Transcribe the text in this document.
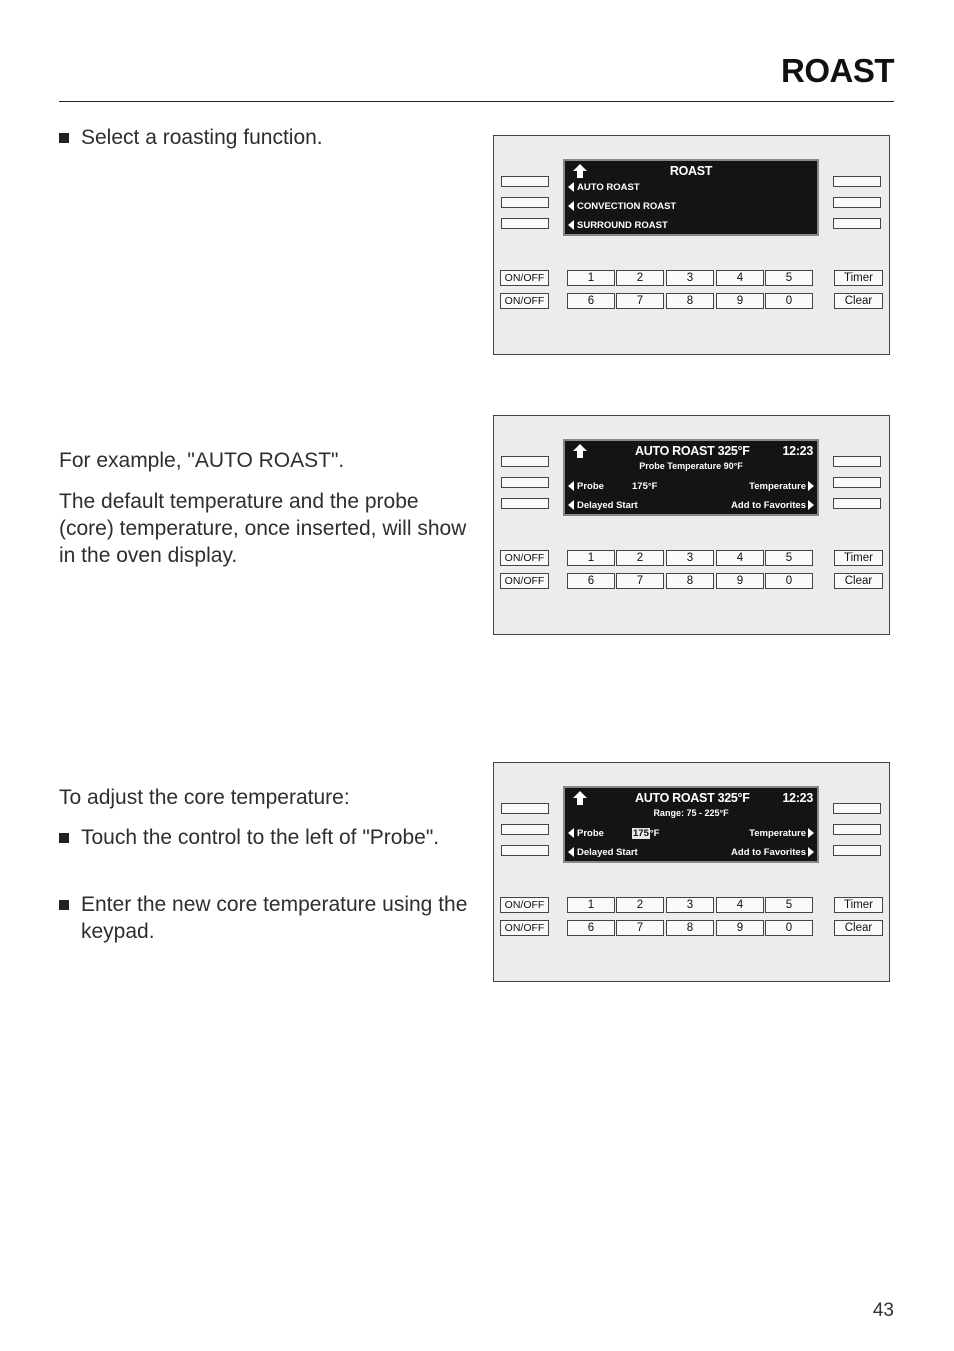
ROAST
Select a roasting function.

For example, "AUTO ROAST".

The default temperature and the probe (core) temperature, once inserted, will show in the oven display.

To adjust the core temperature:

Touch the control to the left of "Probe".
Enter the new core temperature using the keypad.
ROAST
AUTO ROAST
CONVECTION ROAST
SURROUND ROAST
ON/OFF
ON/OFF
1	2	3	4	5
6	7	8	9	0
Timer
Clear
AUTO ROAST 325°F	12:23
Probe Temperature 90°F
Probe	175°F	Temperature
Delayed Start	Add to Favorites
ON/OFF
ON/OFF
1	2	3	4	5
6	7	8	9	0
Timer
Clear
AUTO ROAST 325°F	12:23
Range: 75 - 225°F
Probe	175°F	Temperature
Delayed Start	Add to Favorites
ON/OFF
ON/OFF
1	2	3	4	5
6	7	8	9	0
Timer
Clear
43
